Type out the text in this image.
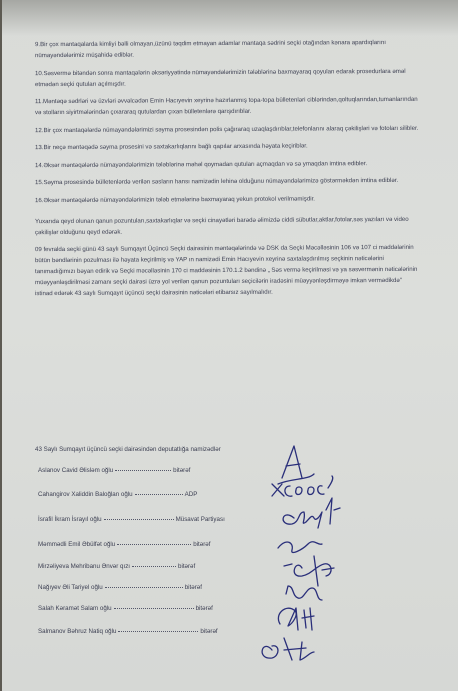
9.Bir çox mantaqalarda kimliyi bəlli olmayan,üzünü təqdim etmayan adamlar mantaqa sədrini seçki otağından kənara apardıqlarını nümayəndələrimiz müşahidə ediblər.
10.Səsvermə bitəndən sonra mantaqələrin əksəriyyətində nümayəndələrimizin tələblərinə baxmayaraq qoyulan edarak prosedurlara əməl etmədən seçki qutuları açılmışdır.
11.Məntəqə sədrləri və üzvləri əvvəlcədən Emin Hacıyevin xeyrinə hazırlanmış topa-topa bülletenləri ciblərindən,qoltuqlarından,tumanlarından və stolların siyirtmələrindən çıxararaq qutulardan çıxan bülletenlərə qarışdırıblar.
12.Bir çox mantaqələrdə nümayəndələrimizi səyma prosesindən polis çağıraraq uzaqlaşdırıblar,telefonlarını alaraq çəkilişləri və fotoları silibler.
13.Bir neçə məntəqədə səyma prosesini və saxtakarlıqlarını bağlı qapılar arxasında həyata keçiriblər.
14.Əksər məntəqələrdə nümayəndələrimizin tələblərinə məhəl qoymadan qutuları açmaqdan və sə ymaqdan imtina edibler.
15.Səyma prosesində bülletenlərdə verilən səsların hansı namizədin lehinə olduğunu nümayəndələrimizə göstərməkdən imtina ediblər.
16.Əksər məntəqələrdə nümayəndələrimizin tələb etmələrinə baxmayaraq yekun protokol verilməmişdir.
Yuxarıda qeyd olunan qanun pozuntuları,saxtakarlıqlar və seçki cinayətləri barədə əlimizdə ciddi sübutlar,aktlar,fotolar,səs yazıları və video çəkilişlər olduğunu qeyd edərək.
09 fevralda seçki günü 43 saylı Sumqayıt Üçüncü Seçki dairəsinin məntəqələrində və DSK da Seçki Məcəlləsinin 106 və 107 ci maddələrinin bütün bəndlərinin pozulması ilə həyata keçirilmiş və YAP ın namizədi Emin Hacıyevin xeyrinə saxtalaşdırılmış seçkinin nəticələrini tanımadığımızı bəyan edirik və Seçki məcəlləsinin 170 ci maddəsinin 170.1.2 bəndinə „ Səs vermə keçirilməsi və ya səsvermənin nəticələrinin müəyyənləşdirilməsi zamanı seçki dairəsi üzrə yol verilən qanun pozuntuları seçicilərin iradəsini müəyyənləşdirməyə imkan vermədikdə” istinad edərək 43 saylı Sumqayıt üçüncü seçki dairəsinin nəticələri etibarsız sayılmalıdır.
43 Saylı Sumqayıt üçüncü seçki dairəsindən deputatlığa namizədlər
Aslanov Cavid Əlisləm oğlu	bitərəf
Cahangirov Xaliddin Baloğlan oğlu	ADP
İsrafil İkram İsrayıl oğlu	Müsavat Partiyası
Məmmədli Emil Əbülfət oğlu	bitərəf
Mirzəliyeva Mehribanu Ənvər qızı	bitərəf
Nağıyev Əli Tariyel oğlu	bitərəf
Salah Kəramət Salam oğlu	bitərəf
Salmanov Bəhruz Natiq oğlu	bitərəf
